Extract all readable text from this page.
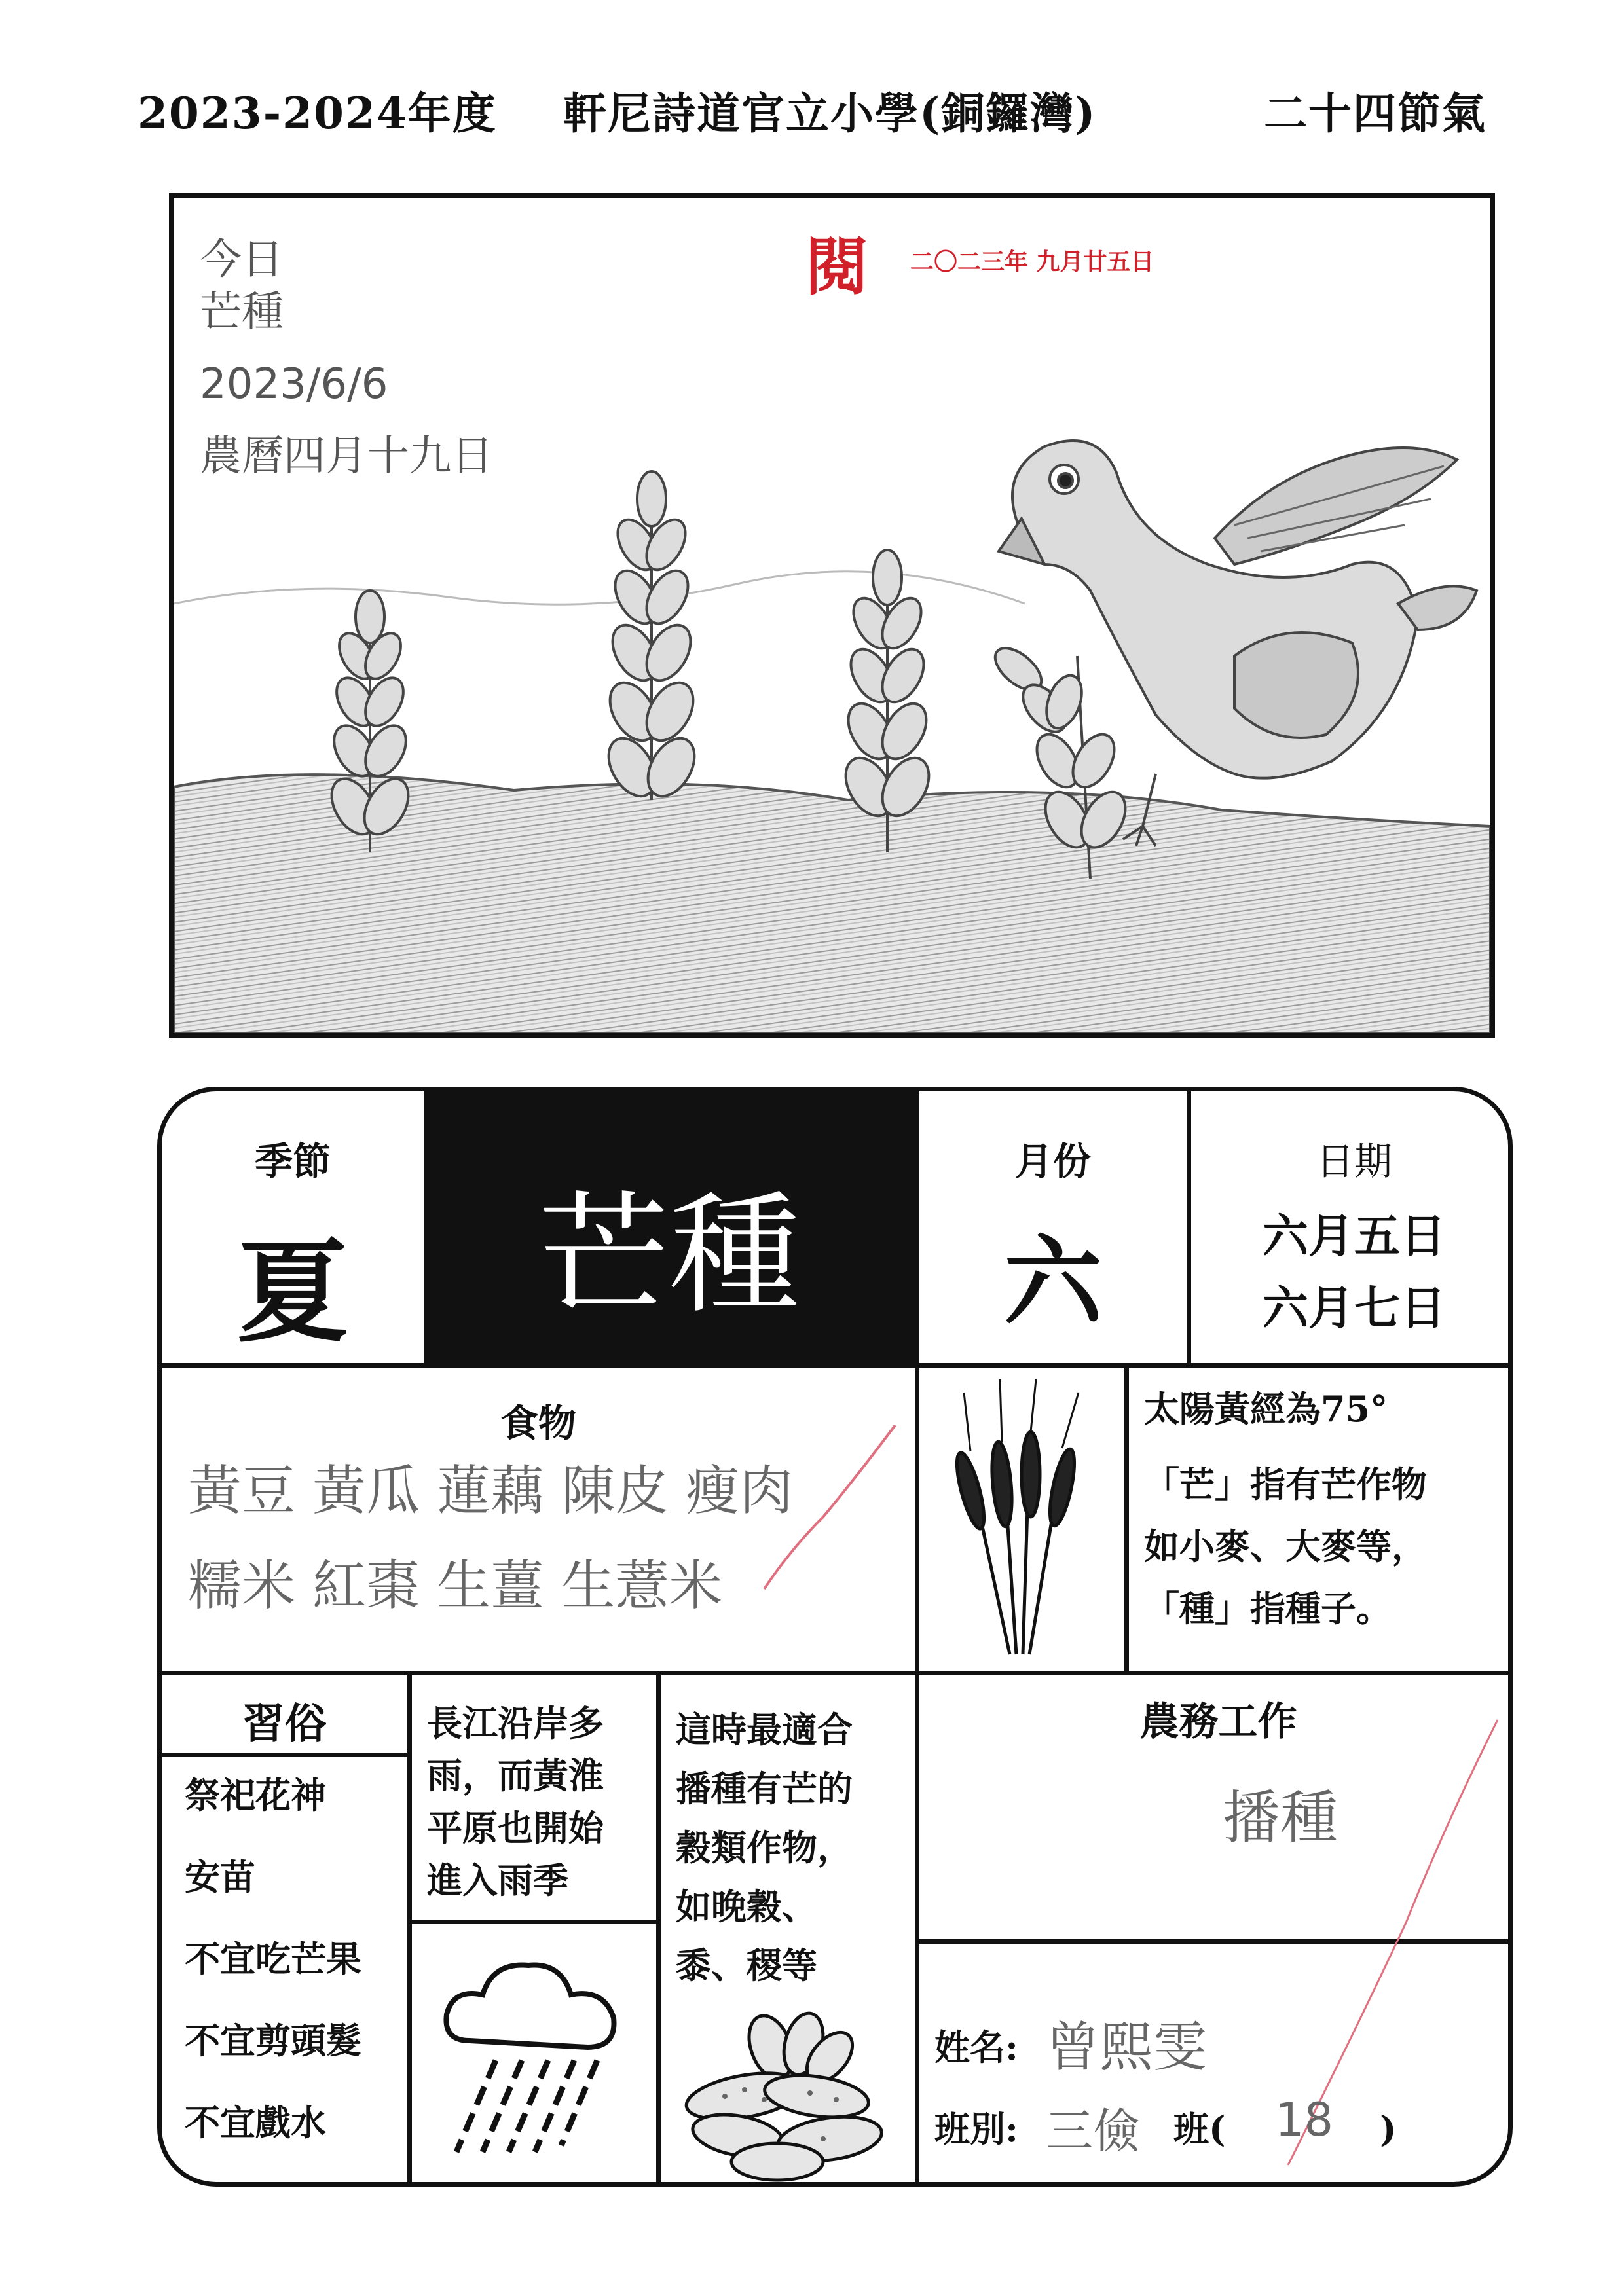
2023-2024年度 軒尼詩道官立小學(銅鑼灣)	二十四節氣
今日
芒種
2023/6/6
農曆四月十九日
閱 二〇二三年 九月廿五日
季節
夏	芒種
月份
六
日期
六月五日
六月七日
食物
黃豆 黃瓜 蓮藕 陳皮 瘦肉
糯米 紅棗 生薑 生薏米
太陽黃經為75°
「芒」指有芒作物
如小麥、大麥等，
「種」指種子。
習俗
祭祀花神
安苗
不宜吃芒果
不宜剪頭髮
不宜戲水
長江沿岸多
雨，而黃淮
平原也開始
進入雨季
這時最適合
播種有芒的
穀類作物，
如晚穀、
黍、稷等
農務工作
播種
姓名: 曾熙雯
班別: 三儉 班( 18 )
